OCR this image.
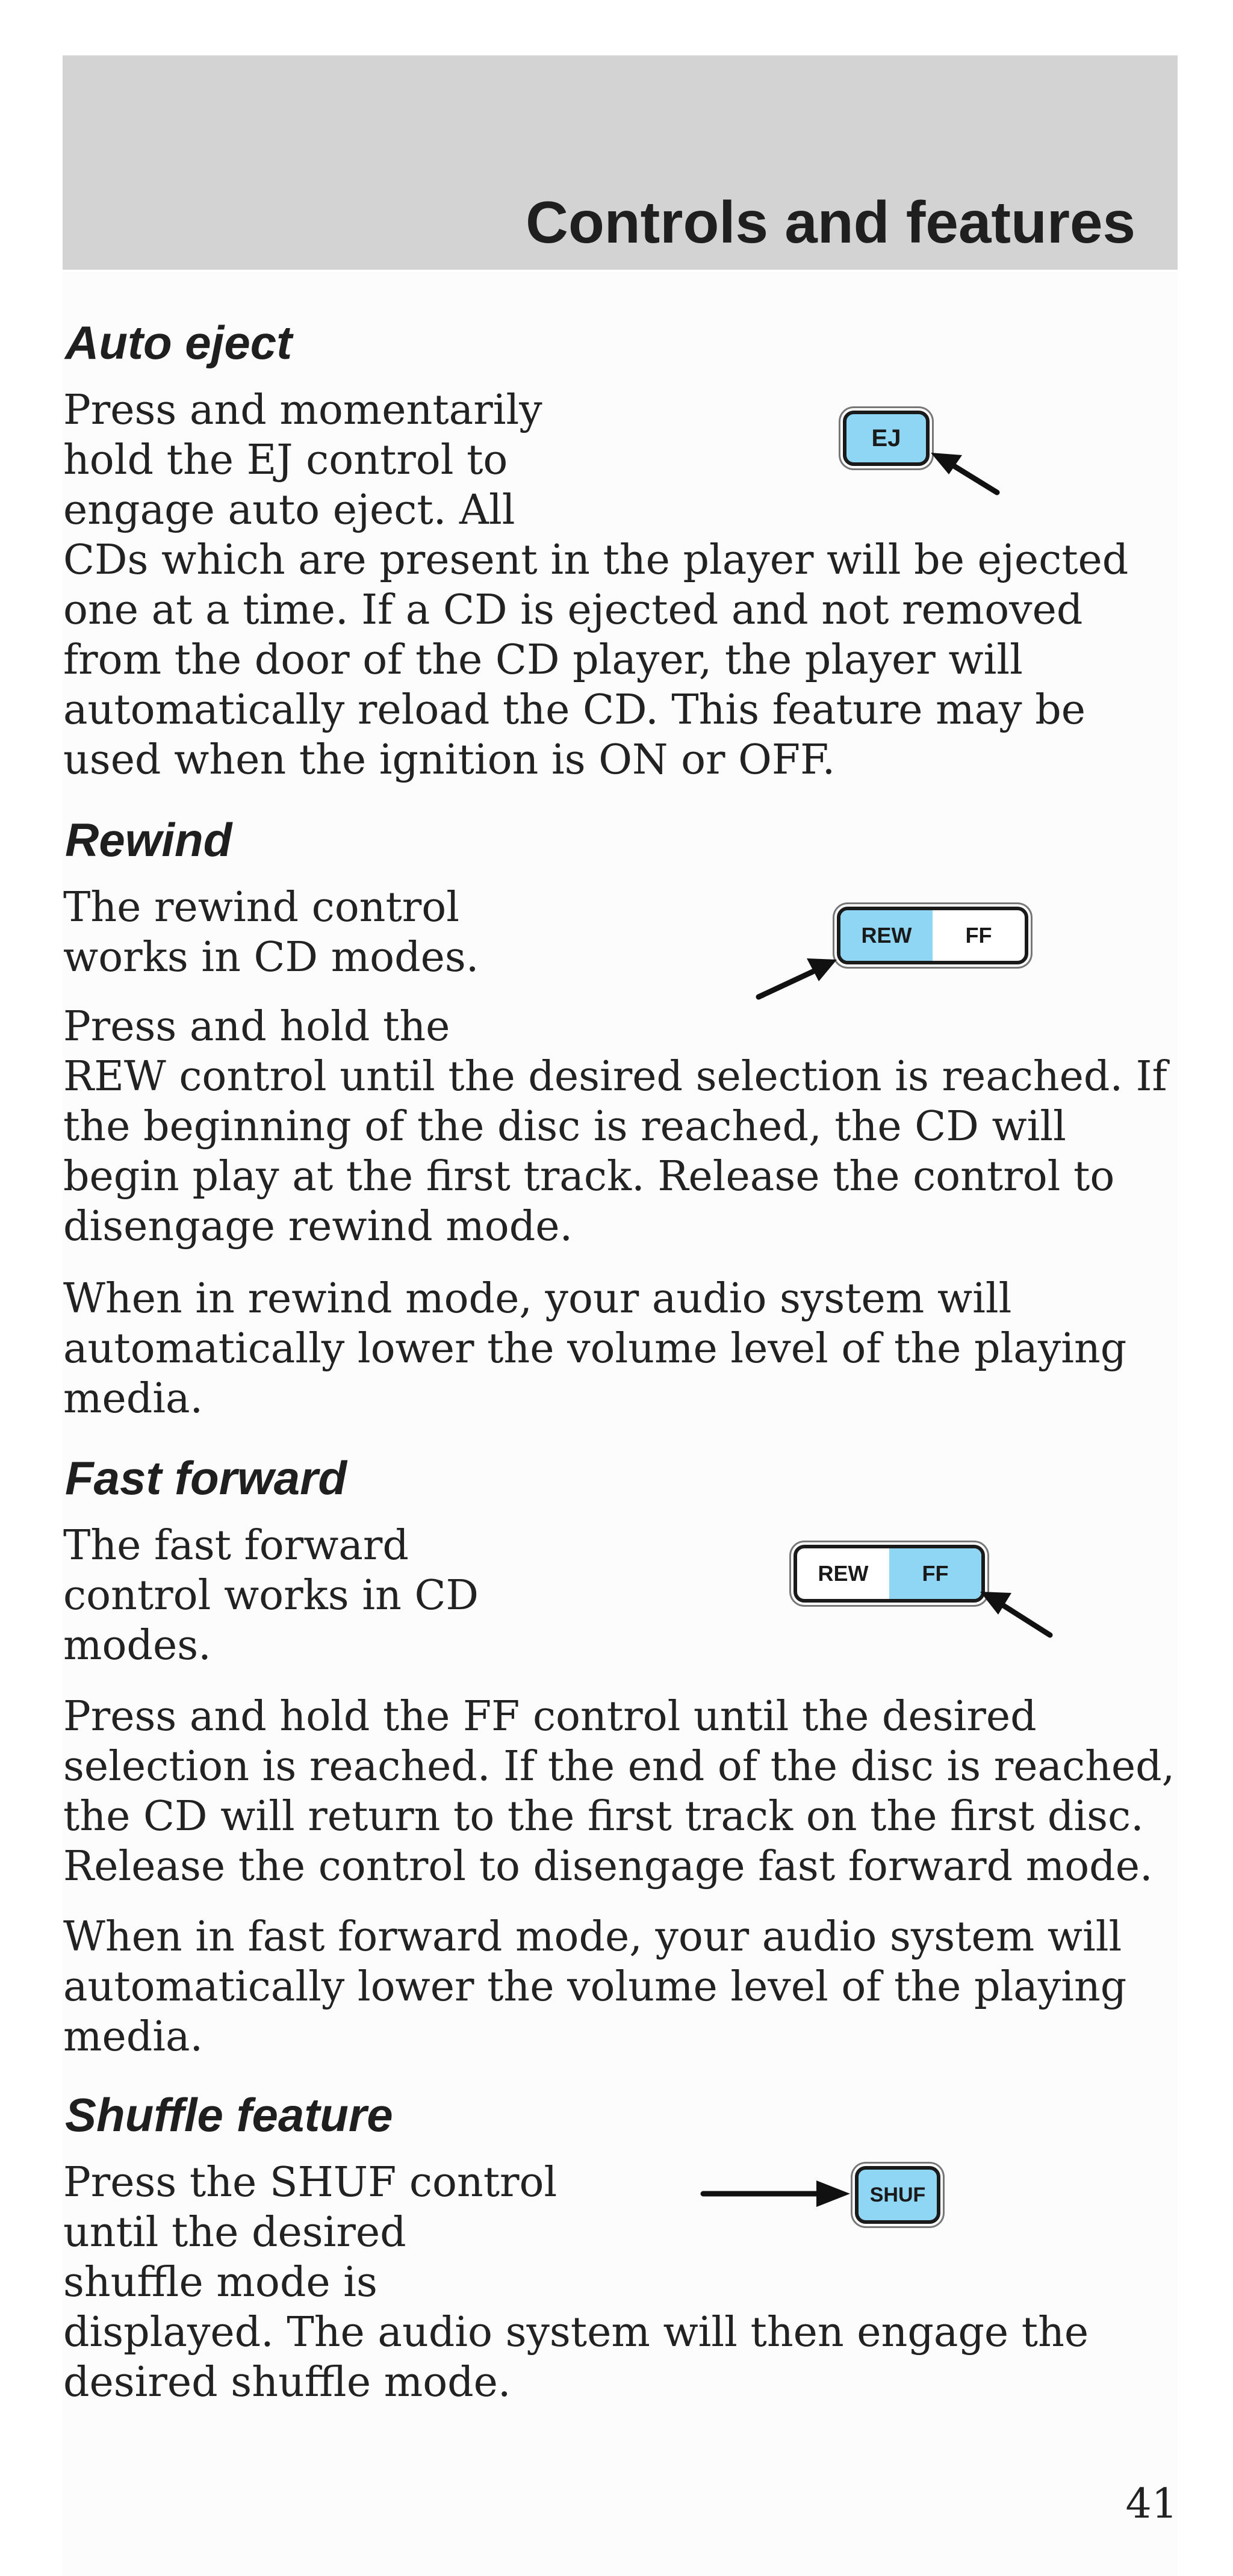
Controls and features
Auto eject
Press and momentarily
hold the EJ control to
engage auto eject. All
CDs which are present in the player will be ejected
one at a time. If a CD is ejected and not removed
from the door of the CD player, the player will
automatically reload the CD. This feature may be
used when the ignition is ON or OFF.
EJ
Rewind
The rewind control
works in CD modes.
Press and hold the
REW control until the desired selection is reached. If
the beginning of the disc is reached, the CD will
begin play at the first track. Release the control to
disengage rewind mode.
When in rewind mode, your audio system will
automatically lower the volume level of the playing
media.
REW	FF
Fast forward
The fast forward
control works in CD
modes.
Press and hold the FF control until the desired
selection is reached. If the end of the disc is reached,
the CD will return to the first track on the first disc.
Release the control to disengage fast forward mode.
When in fast forward mode, your audio system will
automatically lower the volume level of the playing
media.
REW	FF
Shuffle feature
Press the SHUF control
until the desired
shuffle mode is
displayed. The audio system will then engage the
desired shuffle mode.
SHUF
41
